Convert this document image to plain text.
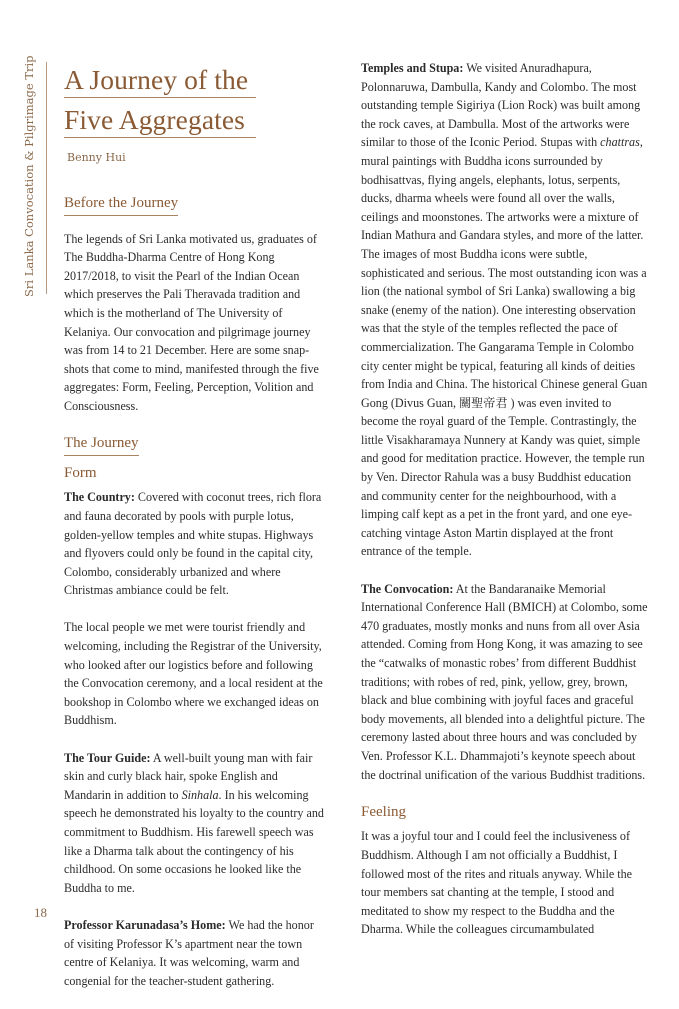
Sri Lanka Convocation & Pilgrimage Trip A Journey of the
Five Aggregates
Benny Hui

Before the Journey

The legends of Sri Lanka motivated us, graduates of The Buddha-Dharma Centre of Hong Kong 2017/2018, to visit the Pearl of the Indian Ocean which preserves the Pali Theravada tradition and which is the motherland of The University of Kelaniya. Our convocation and pilgrimage journey was from 14 to 21 December. Here are some snap-shots that come to mind, manifested through the five aggregates: Form, Feeling, Perception, Volition and Consciousness.

The Journey

Form

The Country: Covered with coconut trees, rich flora and fauna decorated by pools with purple lotus, golden-yellow temples and white stupas. Highways and flyovers could only be found in the capital city, Colombo, considerably urbanized and where Christmas ambiance could be felt.

The local people we met were tourist friendly and welcoming, including the Registrar of the University, who looked after our logistics before and following the Convocation ceremony, and a local resident at the bookshop in Colombo where we exchanged ideas on Buddhism.

The Tour Guide: A well-built young man with fair skin and curly black hair, spoke English and Mandarin in addition to Sinhala. In his welcoming speech he demonstrated his loyalty to the country and commitment to Buddhism. His farewell speech was like a Dharma talk about the contingency of his childhood. On some occasions he looked like the Buddha to me.

Professor Karunadasa’s Home: We had the honor of visiting Professor K’s apartment near the town centre of Kelaniya. It was welcoming, warm and congenial for the teacher-student gathering.

Temples and Stupa: We visited Anuradhapura, Polonnaruwa, Dambulla, Kandy and Colombo. The most outstanding temple Sigiriya (Lion Rock) was built among the rock caves, at Dambulla. Most of the artworks were similar to those of the Iconic Period. Stupas with chattras, mural paintings with Buddha icons surrounded by bodhisattvas, flying angels, elephants, lotus, serpents, ducks, dharma wheels were found all over the walls, ceilings and moonstones. The artworks were a mixture of Indian Mathura and Gandara styles, and more of the latter. The images of most Buddha icons were subtle, sophisticated and serious. The most outstanding icon was a lion (the national symbol of Sri Lanka) swallowing a big snake (enemy of the nation). One interesting observation was that the style of the temples reflected the pace of commercialization. The Gangarama Temple in Colombo city center might be typical, featuring all kinds of deities from India and China. The historical Chinese general Guan Gong (Divus Guan, 關聖帝君 ) was even invited to become the royal guard of the Temple. Contrastingly, the little Visakharamaya Nunnery at Kandy was quiet, simple and good for meditation practice. However, the temple run by Ven. Director Rahula was a busy Buddhist education and community center for the neighbourhood, with a limping calf kept as a pet in the front yard, and one eye-catching vintage Aston Martin displayed at the front entrance of the temple.

The Convocation: At the Bandaranaike Memorial International Conference Hall (BMICH) at Colombo, some 470 graduates, mostly monks and nuns from all over Asia attended. Coming from Hong Kong, it was amazing to see the “catwalks of monastic robes’ from different Buddhist traditions; with robes of red, pink, yellow, grey, brown, black and blue combining with joyful faces and graceful body movements, all blended into a delightful picture. The ceremony lasted about three hours and was concluded by Ven. Professor K.L. Dhammajoti’s keynote speech about the doctrinal unification of the various Buddhist traditions.

Feeling

It was a joyful tour and I could feel the inclusiveness of Buddhism. Although I am not officially a Buddhist, I followed most of the rites and rituals anyway. While the tour members sat chanting at the temple, I stood and meditated to show my respect to the Buddha and the Dharma. While the colleagues circumambulated

18
